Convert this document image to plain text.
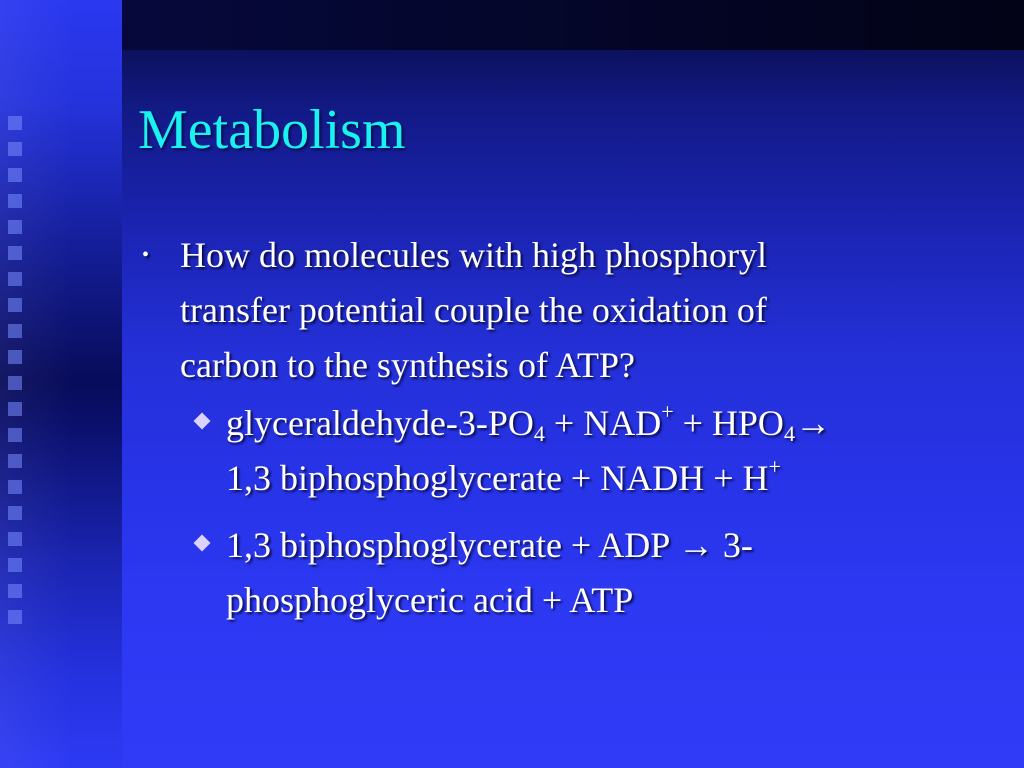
Metabolism
• How do molecules with high phosphoryl
transfer potential couple the oxidation of
carbon to the synthesis of ATP?
glyceraldehyde-$3-PO_4 + NAD^+ + HPO_4\to$
1,3 biphosphoglycerate + NADH + H+
1,3 biphosphoglycerate + ADP → 3-
phosphoglyceric acid + ATP
